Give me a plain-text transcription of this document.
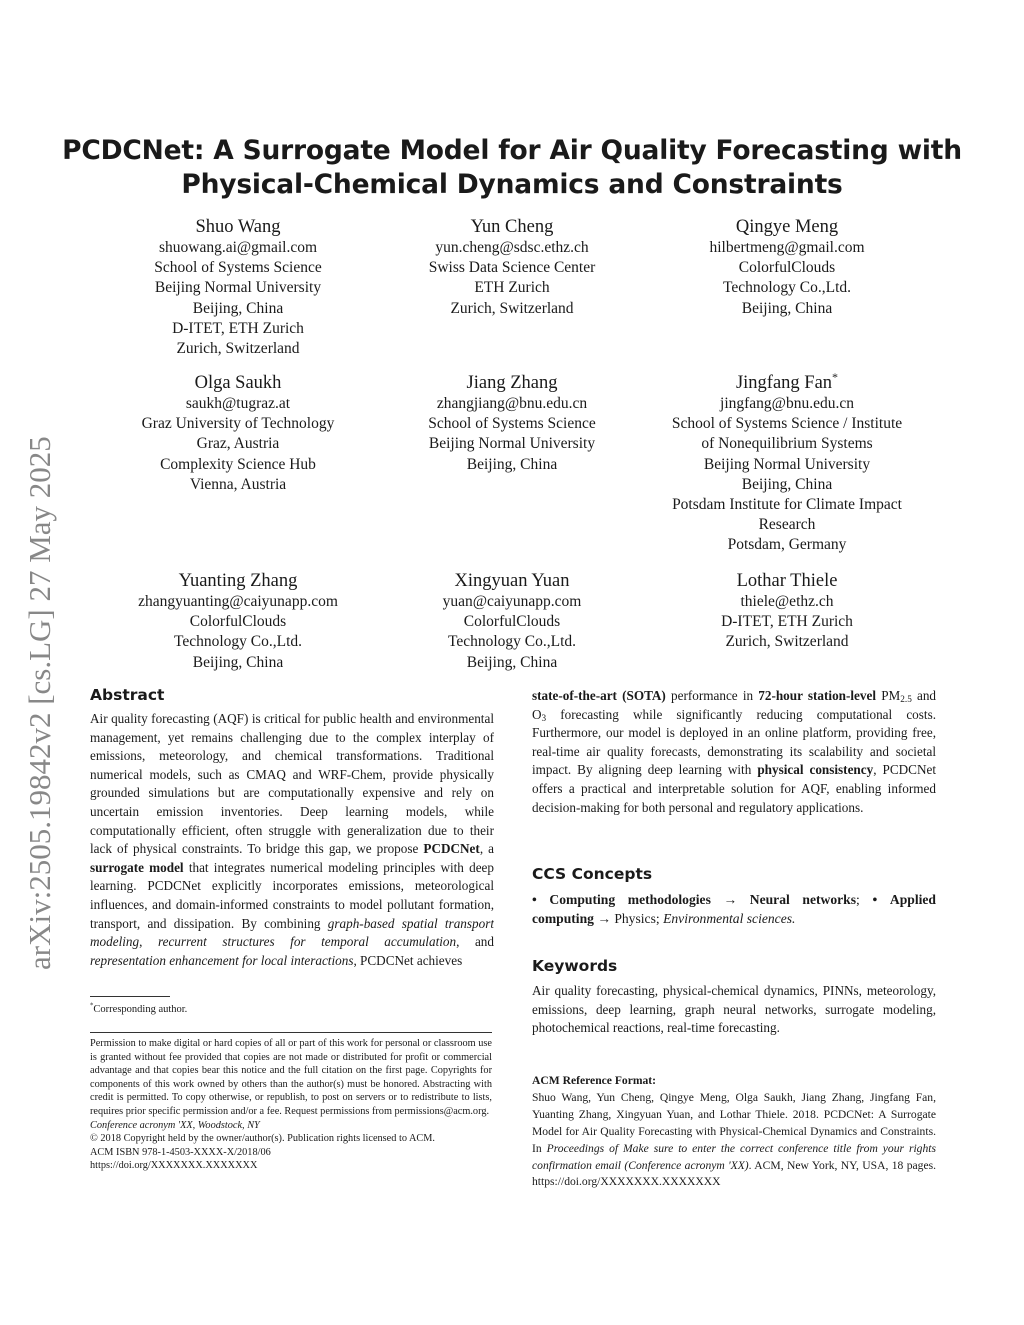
arXiv:2505.19842v2 [cs.LG] 27 May 2025
PCDCNet: A Surrogate Model for Air Quality Forecasting with
Physical-Chemical Dynamics and Constraints
Shuo Wang
shuowang.ai@gmail.com
School of Systems Science
Beijing Normal University
Beijing, China
D-ITET, ETH Zurich
Zurich, Switzerland
Yun Cheng
yun.cheng@sdsc.ethz.ch
Swiss Data Science Center
ETH Zurich
Zurich, Switzerland
Qingye Meng
hilbertmeng@gmail.com
ColorfulClouds
Technology Co.,Ltd.
Beijing, China
Olga Saukh
saukh@tugraz.at
Graz University of Technology
Graz, Austria
Complexity Science Hub
Vienna, Austria
Jiang Zhang
zhangjiang@bnu.edu.cn
School of Systems Science
Beijing Normal University
Beijing, China
Jingfang Fan*
jingfang@bnu.edu.cn
School of Systems Science / Institute
of Nonequilibrium Systems
Beijing Normal University
Beijing, China
Potsdam Institute for Climate Impact
Research
Potsdam, Germany
Yuanting Zhang
zhangyuanting@caiyunapp.com
ColorfulClouds
Technology Co.,Ltd.
Beijing, China
Xingyuan Yuan
yuan@caiyunapp.com
ColorfulClouds
Technology Co.,Ltd.
Beijing, China
Lothar Thiele
thiele@ethz.ch
D-ITET, ETH Zurich
Zurich, Switzerland
Abstract
Air quality forecasting (AQF) is critical for public health and environmental management, yet remains challenging due to the complex interplay of emissions, meteorology, and chemical transformations. Traditional numerical models, such as CMAQ and WRF-Chem, provide physically grounded simulations but are computationally expensive and rely on uncertain emission inventories. Deep learning models, while computationally efficient, often struggle with generalization due to their lack of physical constraints. To bridge this gap, we propose PCDCNet, a surrogate model that integrates numerical modeling principles with deep learning. PCDCNet explicitly incorporates emissions, meteorological influences, and domain-informed constraints to model pollutant formation, transport, and dissipation. By combining graph-based spatial transport modeling, recurrent structures for temporal accumulation, and representation enhancement for local interactions, PCDCNet achieves
*Corresponding author.
Permission to make digital or hard copies of all or part of this work for personal or classroom use is granted without fee provided that copies are not made or distributed for profit or commercial advantage and that copies bear this notice and the full citation on the first page. Copyrights for components of this work owned by others than the author(s) must be honored. Abstracting with credit is permitted. To copy otherwise, or republish, to post on servers or to redistribute to lists, requires prior specific permission and/or a fee. Request permissions from permissions@acm.org.
Conference acronym 'XX, Woodstock, NY
© 2018 Copyright held by the owner/author(s). Publication rights licensed to ACM.
ACM ISBN 978-1-4503-XXXX-X/2018/06
https://doi.org/XXXXXXX.XXXXXXX
state-of-the-art (SOTA) performance in 72-hour station-level $PM_{2.5}$ and $O_3$ forecasting while significantly reducing computational costs. Furthermore, our model is deployed in an online platform, providing free, real-time air quality forecasts, demonstrating its scalability and societal impact. By aligning deep learning with physical consistency, PCDCNet offers a practical and interpretable solution for AQF, enabling informed decision-making for both personal and regulatory applications.
CCS Concepts
• Computing methodologies → Neural networks; • Applied computing → Physics; Environmental sciences.
Keywords
Air quality forecasting, physical-chemical dynamics, PINNs, meteorology, emissions, deep learning, graph neural networks, surrogate modeling, photochemical reactions, real-time forecasting.
ACM Reference Format:
Shuo Wang, Yun Cheng, Qingye Meng, Olga Saukh, Jiang Zhang, Jingfang Fan, Yuanting Zhang, Xingyuan Yuan, and Lothar Thiele. 2018. PCDCNet: A Surrogate Model for Air Quality Forecasting with Physical-Chemical Dynamics and Constraints. In Proceedings of Make sure to enter the correct conference title from your rights confirmation email (Conference acronym 'XX). ACM, New York, NY, USA, 18 pages. https://doi.org/XXXXXXX.XXXXXXX
